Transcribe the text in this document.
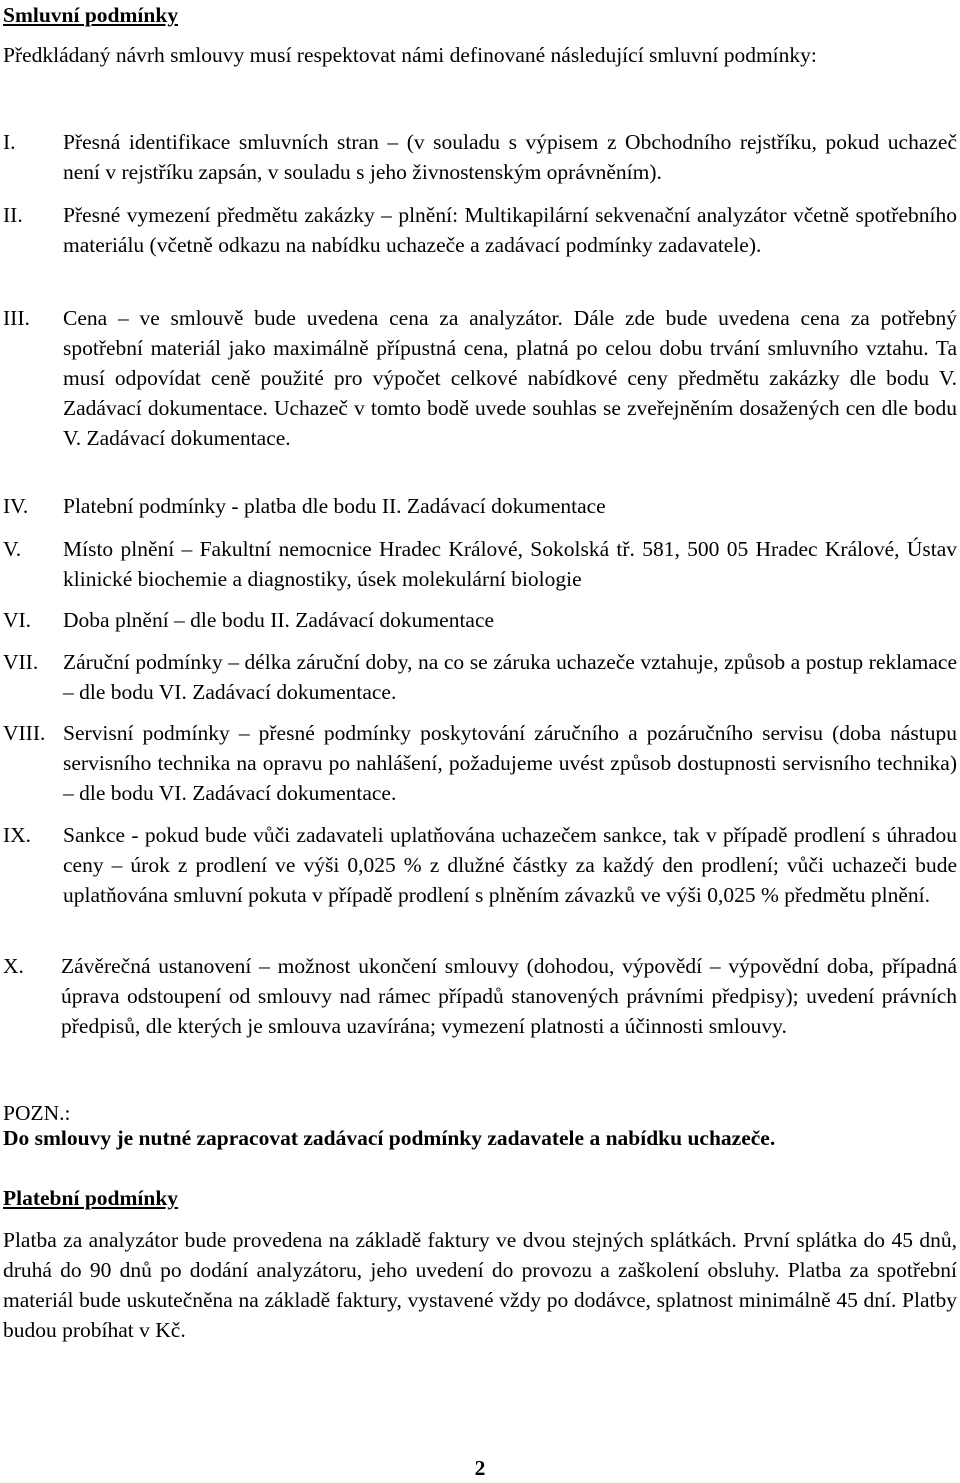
Smluvní podmínky

Předkládaný návrh smlouvy musí respektovat námi definované následující smluvní podmínky:

I. Přesná identifikace smluvních stran – (v souladu s výpisem z Obchodního rejstříku, pokud uchazeč není v rejstříku zapsán, v souladu s jeho živnostenským oprávněním).
II. Přesné vymezení předmětu zakázky – plnění: Multikapilární sekvenační analyzátor včetně spotřebního materiálu (včetně odkazu na nabídku uchazeče a zadávací podmínky zadavatele).
III. Cena – ve smlouvě bude uvedena cena za analyzátor. Dále zde bude uvedena cena za potřebný spotřební materiál jako maximálně přípustná cena, platná po celou dobu trvání smluvního vztahu. Ta musí odpovídat ceně použité pro výpočet celkové nabídkové ceny předmětu zakázky dle bodu V. Zadávací dokumentace. Uchazeč v tomto bodě uvede souhlas se zveřejněním dosažených cen dle bodu V. Zadávací dokumentace.
IV. Platební podmínky - platba dle bodu II. Zadávací dokumentace
V. Místo plnění – Fakultní nemocnice Hradec Králové, Sokolská tř. 581, 500 05 Hradec Králové, Ústav klinické biochemie a diagnostiky, úsek molekulární biologie
VI. Doba plnění – dle bodu II. Zadávací dokumentace
VII. Záruční podmínky – délka záruční doby, na co se záruka uchazeče vztahuje, způsob a postup reklamace – dle bodu VI. Zadávací dokumentace.
VIII. Servisní podmínky – přesné podmínky poskytování záručního a pozáručního servisu (doba nástupu servisního technika na opravu po nahlášení, požadujeme uvést způsob dostupnosti servisního technika) – dle bodu VI. Zadávací dokumentace.
IX. Sankce - pokud bude vůči zadavateli uplatňována uchazečem sankce, tak v případě prodlení s úhradou ceny – úrok z prodlení ve výši 0,025 % z dlužné částky za každý den prodlení; vůči uchazeči bude uplatňována smluvní pokuta v případě prodlení s plněním závazků ve výši 0,025 % předmětu plnění.
X. Závěrečná ustanovení – možnost ukončení smlouvy (dohodou, výpovědí – výpovědní doba, případná úprava odstoupení od smlouvy nad rámec případů stanovených právními předpisy); uvedení právních předpisů, dle kterých je smlouva uzavírána; vymezení platnosti a účinnosti smlouvy.

POZN.:

Do smlouvy je nutné zapracovat zadávací podmínky zadavatele a nabídku uchazeče.

Platební podmínky

Platba za analyzátor bude provedena na základě faktury ve dvou stejných splátkách. První splátka do 45 dnů, druhá do 90 dnů po dodání analyzátoru, jeho uvedení do provozu a zaškolení obsluhy. Platba za spotřební materiál bude uskutečněna na základě faktury, vystavené vždy po dodávce, splatnost minimálně 45 dní. Platby budou probíhat v Kč.

2
